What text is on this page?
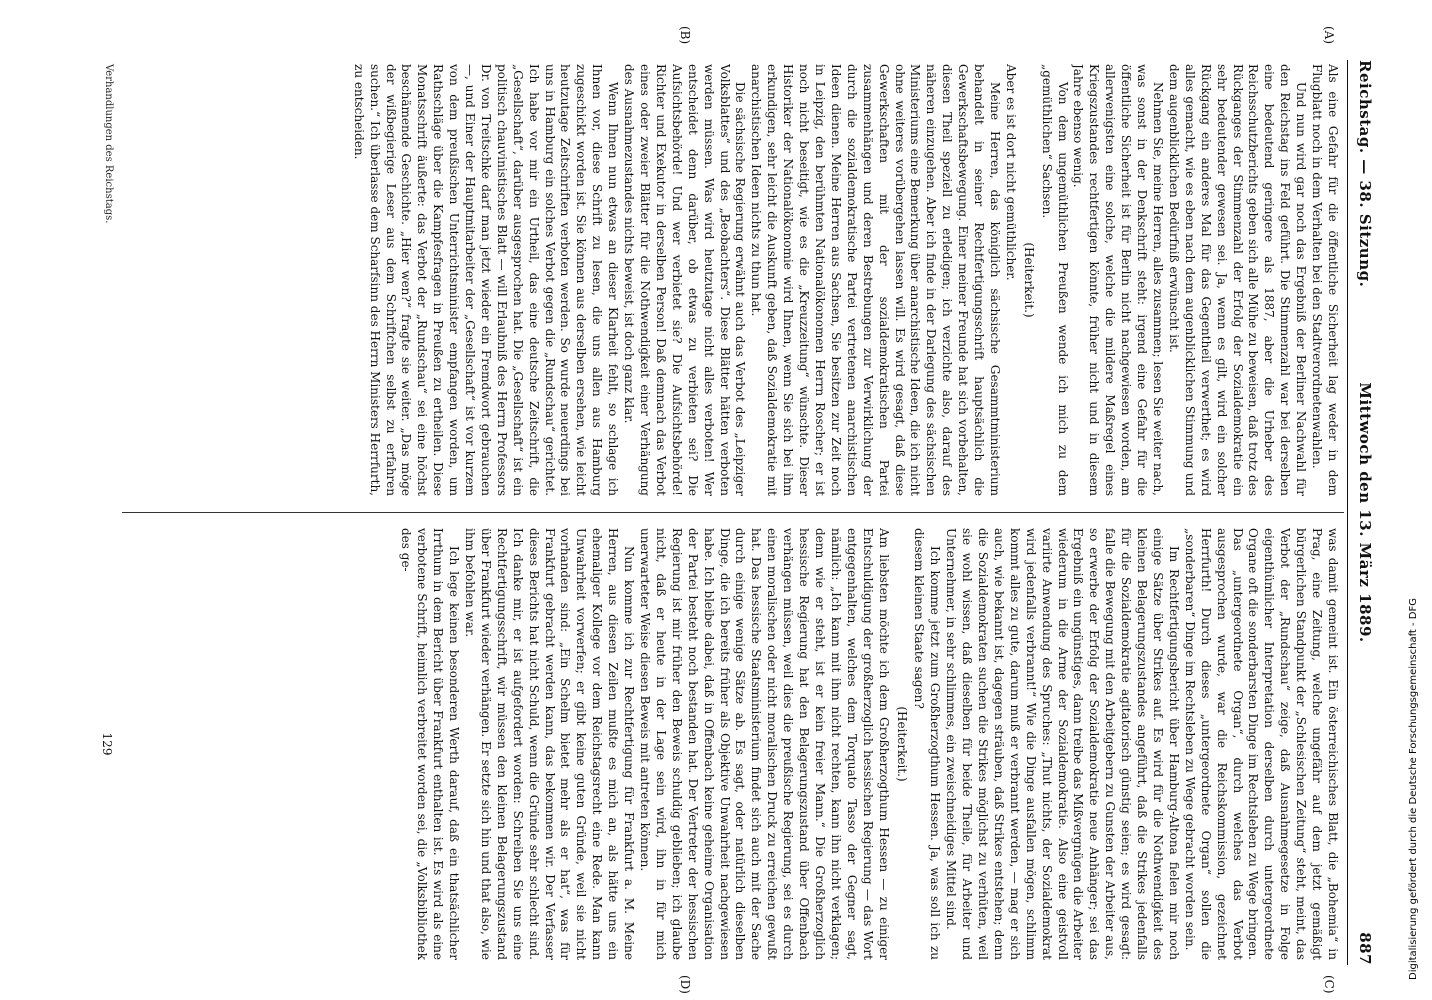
Reichstag. — 38. Sitzung.
Mittwoch den 13. März 1889.
887
(A)
(B)
(C)
(D)

Als eine Gefahr für die öffentliche Sicherheit lag weder in dem Flugblatt noch in dem Verhalten bei den Stadtverordnetenwahlen.

Und nun wird gar noch das Ergebniß der Berliner Nachwahl für den Reichstag ins Feld geführt. Die Stimmenzahl war bei derselben eine bedeutend geringere als 1887, aber die Urheber des Reichsschutzberichts geben sich alle Mühe zu beweisen, daß trotz des Rückganges der Stimmenzahl der Erfolg der Sozialdemokratie ein sehr bedeutender gewesen sei. Ja, wenn es gilt, wird ein solcher Rückgang ein anderes Mal für das Gegentheil verwerthet; es wird alles gemacht, wie es eben nach dem augenblicklichen Stimmung und dem augenblicklichen Bedürfniß erwünscht ist.

Nehmen Sie, meine Herren, alles zusammen; lesen Sie weiter nach, was sonst in der Denkschrift steht: irgend eine Gefahr für die öffentliche Sicherheit ist für Berlin nicht nachgewiesen worden, am allerwenigsten eine solche, welche die mildere Maßregel eines Kriegszustandes rechtfertigen könnte, früher nicht und in diesem Jahre ebenso wenig.

Von dem ungemüthlichen Preußen wende ich mich zu dem „gemüthlichen“ Sachsen.

(Heiterkeit.)

Aber es ist dort nicht gemüthlicher.

Meine Herren, das königlich sächsische Gesammtministerium behandelt in seiner Rechtfertigungsschrift hauptsächlich die Gewerkschaftsbewegung. Einer meiner Freunde hat sich vorbehalten, diesen Theil speziell zu erledigen; ich verzichte also, darauf des näheren einzugehen. Aber ich finde in der Darlegung des sächsischen Ministeriums eine Bemerkung über anarchistische Ideen, die ich nicht ohne weiteres vorübergehen lassen will. Es wird gesagt, daß diese Gewerkschaften mit der sozialdemokratischen Partei zusammenhängen und deren Bestrebungen zur Verwirklichung der durch die sozialdemokratische Partei vertretenen anarchistischen Ideen dienen. Meine Herren aus Sachsen, Sie besitzen zur Zeit noch in Leipzig, den berühmten Nationalökonomen Herrn Roscher; er ist noch nicht beseitigt, wie es die „Kreuzzeitung“ wünschte. Dieser Historiker der Nationalökonomie wird Ihnen, wenn Sie sich bei ihm erkundigen, sehr leicht die Auskunft geben, daß Sozialdemokratie mit anarchistischen Ideen nichts zu thun hat.

Die sächsische Regierung erwähnt auch das Verbot des „Leipziger Volksblattes“ und des „Beobachters“. Diese Blätter hätten verboten werden müssen. Was wird heutzutage nicht alles verboten! Wer entscheidet denn darüber, ob etwas zu verbieten sei? Die Aufsichtsbehörde! Und wer verbietet sie? Die Aufsichtsbehörde! Richter und Exekutor in derselben Person! Daß demnach das Verbot eines oder zweier Blätter für die Nothwendigkeit einer Verhängung des Ausnahmezustandes nichts beweist, ist doch ganz klar.

Wenn Ihnen nun etwas an dieser Klarheit fehlt, so schlage ich Ihnen vor, diese Schrift zu lesen, die uns allen aus Hamburg zugeschickt worden ist. Sie können aus derselben ersehen, wie leicht heutzutage Zeitschriften verboten werden. So wurde neuerdings bei uns in Hamburg ein solches Verbot gegen die „Rundschau“ gerichtet. Ich habe vor mir ein Urtheil, das eine deutsche Zeitschrift, die „Gesellschaft“, darüber ausgesprochen hat. Die „Gesellschaft“ ist ein politisch chauvinistisches Blatt — will Erlaubniß des Herrn Professors Dr. von Treitschke darf man jetzt wieder ein Fremdwort gebrauchen —, und Einer der Hauptmitarbeiter der „Gesellschaft“ ist vor kurzem von dem preußischen Unterrichtsminister empfangen worden, um Rathschläge über die Kampfesfragen in Preußen zu ertheilen. Diese Monatsschrift äußerte: das Verbot der „Rundschau“ sei eine höchst beschämende Geschichte. „Hier wen?“ fragte sie weiter. „Das möge der wißbegierige Leser aus dem Schriftchen selbst zu erfahren suchen.“ Ich überlasse dem Scharfsinn des Herrn Ministers Herrfurth, zu entscheiden.

was damit gemeint ist. Ein österreichisches Blatt, die „Bohemia“ in Prag, eine Zeitung, welche ungefähr auf dem jetzt gemäßigt bürgerlichen Standpunkt der „Schlesischen Zeitung“ steht, meint, das Verbot der „Rundschau“ zeige, daß Ausnahmegesetze in Folge eigenthümlicher Interpretation derselben durch untergeordnete Organe oft die sonderbarsten Dinge im Rechtsleben zu Wege bringen. Das „untergeordnete Organ“, durch welches das Verbot ausgesprochen wurde, war die Reichskommission, gezeichnet Herrfurth! Durch dieses „untergeordnete Organ“ sollen die „sonderbaren“ Dinge im Rechtsleben zu Wege gebracht worden sein.

Im Rechtfertigungsbericht über Hamburg-Altona fielen mir noch einige Sätze über Strikes auf. Es wird für die Nothwendigkeit des kleinen Belagerungszustandes angeführt, daß die Strikes jedenfalls für die Sozialdemokratie agitatorisch günstig seien; es wird gesagt: falle die Bewegung mit den Arbeitgebern zu Gunsten der Arbeiter aus, so erwerbe der Erfolg der Sozialdemokratie neue Anhänger; sei das Ergebniß ein ungünstiges, dann treibe das Mißvergnügen die Arbeiter wiederum in die Arme der Sozialdemokratie. Also eine geistvoll variirte Anwendung des Spruches: „Thut nichts, der Sozialdemokrat wird jedenfalls verbrannt!“ Wie die Dinge ausfallen mögen, schlimm kommt alles zu gute, darum muß er verbrannt werden, — mag er sich auch, wie bekannt ist, dagegen sträuben, daß Strikes entstehen; denn die Sozialdemokraten suchen die Strikes möglichst zu verhüten, weil sie wohl wissen, daß dieselben für beide Theile, für Arbeiter und Unternehmer, in sehr schlimmes, ein zweischneidiges Mittel sind.

Ich komme jetzt zum Großherzogthum Hessen. Ja, was soll ich zu diesem kleinen Staate sagen?

(Heiterkeit.)

Am liebsten möchte ich dem Großherzogthum Hessen — zu einiger Entschuldigung der großherzoglich hessischen Regierung — das Wort entgegenhalten, welches dem Torquato Tasso der Gegner sagt, nämlich: „Ich kann mit ihm nicht rechten, kann ihn nicht verklagen; denn wie er steht, ist er kein freier Mann.“ Die Großherzoglich hessische Regierung hat den Belagerungszustand über Offenbach verhängen müssen, weil dies die preußische Regierung, sei es durch einen moralischen oder nicht moralischen Druck zu erreichen gewußt hat. Das hessische Staatsministerium findet sich auch mit der Sache durch einige wenige Sätze ab. Es sagt, oder natürlich dieselben Dinge, die ich bereits früher als Objektive Unwahrheit nachgewiesen habe. Ich bleibe dabei, daß in Offenbach keine geheime Organisation der Partei besteht noch bestanden hat. Der Vertreter der hessischen Regierung ist mir früher den Beweis schuldig geblieben; ich glaube nicht, daß er heute in der Lage sein wird, ihn in für mich unerwarteter Weise diesen Beweis mit antreten können.

Nun komme ich zur Rechtfertigung für Frankfurt a. M. Meine Herren, aus diesen Zeilen mußte es mich an, als hätte uns ein ehemaliger Kollege vor dem Reichstagsrecht eine Rede. Man kann Unwahrheit vorwerfen; er gibt keine guten Gründe, weil sie nicht vorhanden sind: „Ein Schelm bietet mehr als er hat“, was für Frankfurt gebracht werden kann, das bekommen wir. Der Verfasser dieses Berichts hat nicht Schuld, wenn die Gründe sehr schlecht sind. Ich danke mir, er ist aufgefordert worden: Schreiben Sie uns eine Rechtfertigungsschrift, wir müssen den kleinen Belagerungszustand über Frankfurt wieder verhängen. Er setzte sich hin und that also, wie ihm befohlen war.

Ich lege keinen besonderen Werth darauf, daß ein thatsächlicher Irrthum in dem Bericht über Frankfurt enthalten ist. Es wird als eine verbotene Schrift, heimlich verbreitet worden sei, die „Volksbibliothek des ge-

129
Verhandlungen des Reichstags.
Digitalisierung gefördert durch die Deutsche Forschungsgemeinschaft - DFG
